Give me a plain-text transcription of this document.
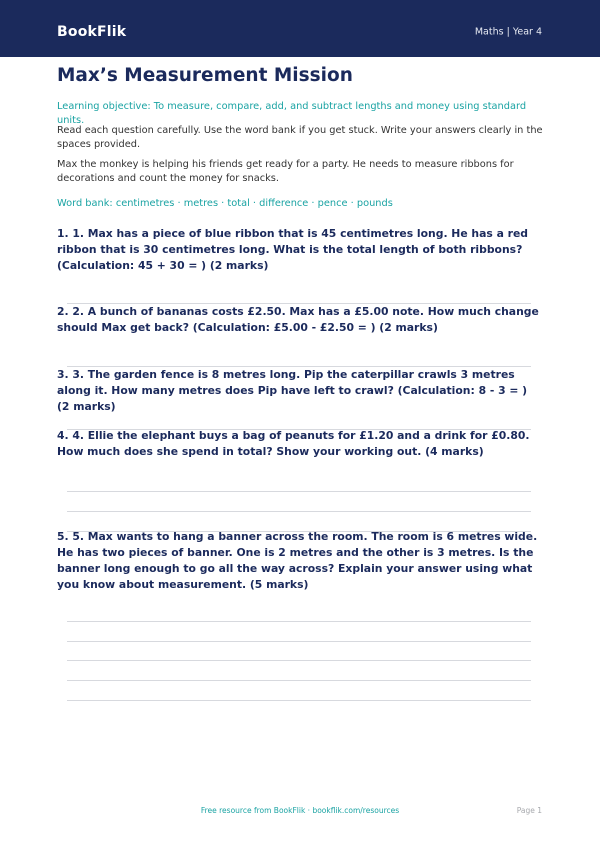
BookFlik	Maths | Year 4
Max’s Measurement Mission

Learning objective: To measure, compare, add, and subtract lengths and money using standard units.

Read each question carefully. Use the word bank if you get stuck. Write your answers clearly in the spaces provided.

Max the monkey is helping his friends get ready for a party. He needs to measure ribbons for decorations and count the money for snacks.

Word bank: centimetres · metres · total · difference · pence · pounds

1. 1. Max has a piece of blue ribbon that is 45 centimetres long. He has a red ribbon that is 30 centimetres long. What is the total length of both ribbons? (Calculation: 45 + 30 = ) (2 marks)

2. 2. A bunch of bananas costs £2.50. Max has a £5.00 note. How much change should Max get back? (Calculation: £5.00 - £2.50 = ) (2 marks)

3. 3. The garden fence is 8 metres long. Pip the caterpillar crawls 3 metres along it. How many metres does Pip have left to crawl? (Calculation: 8 - 3 = ) (2 marks)

4. 4. Ellie the elephant buys a bag of peanuts for £1.20 and a drink for £0.80. How much does she spend in total? Show your working out. (4 marks)

5. 5. Max wants to hang a banner across the room. The room is 6 metres wide. He has two pieces of banner. One is 2 metres and the other is 3 metres. Is the banner long enough to go all the way across? Explain your answer using what you know about measurement. (5 marks)

Free resource from BookFlik · bookflik.com/resources	Page 1
